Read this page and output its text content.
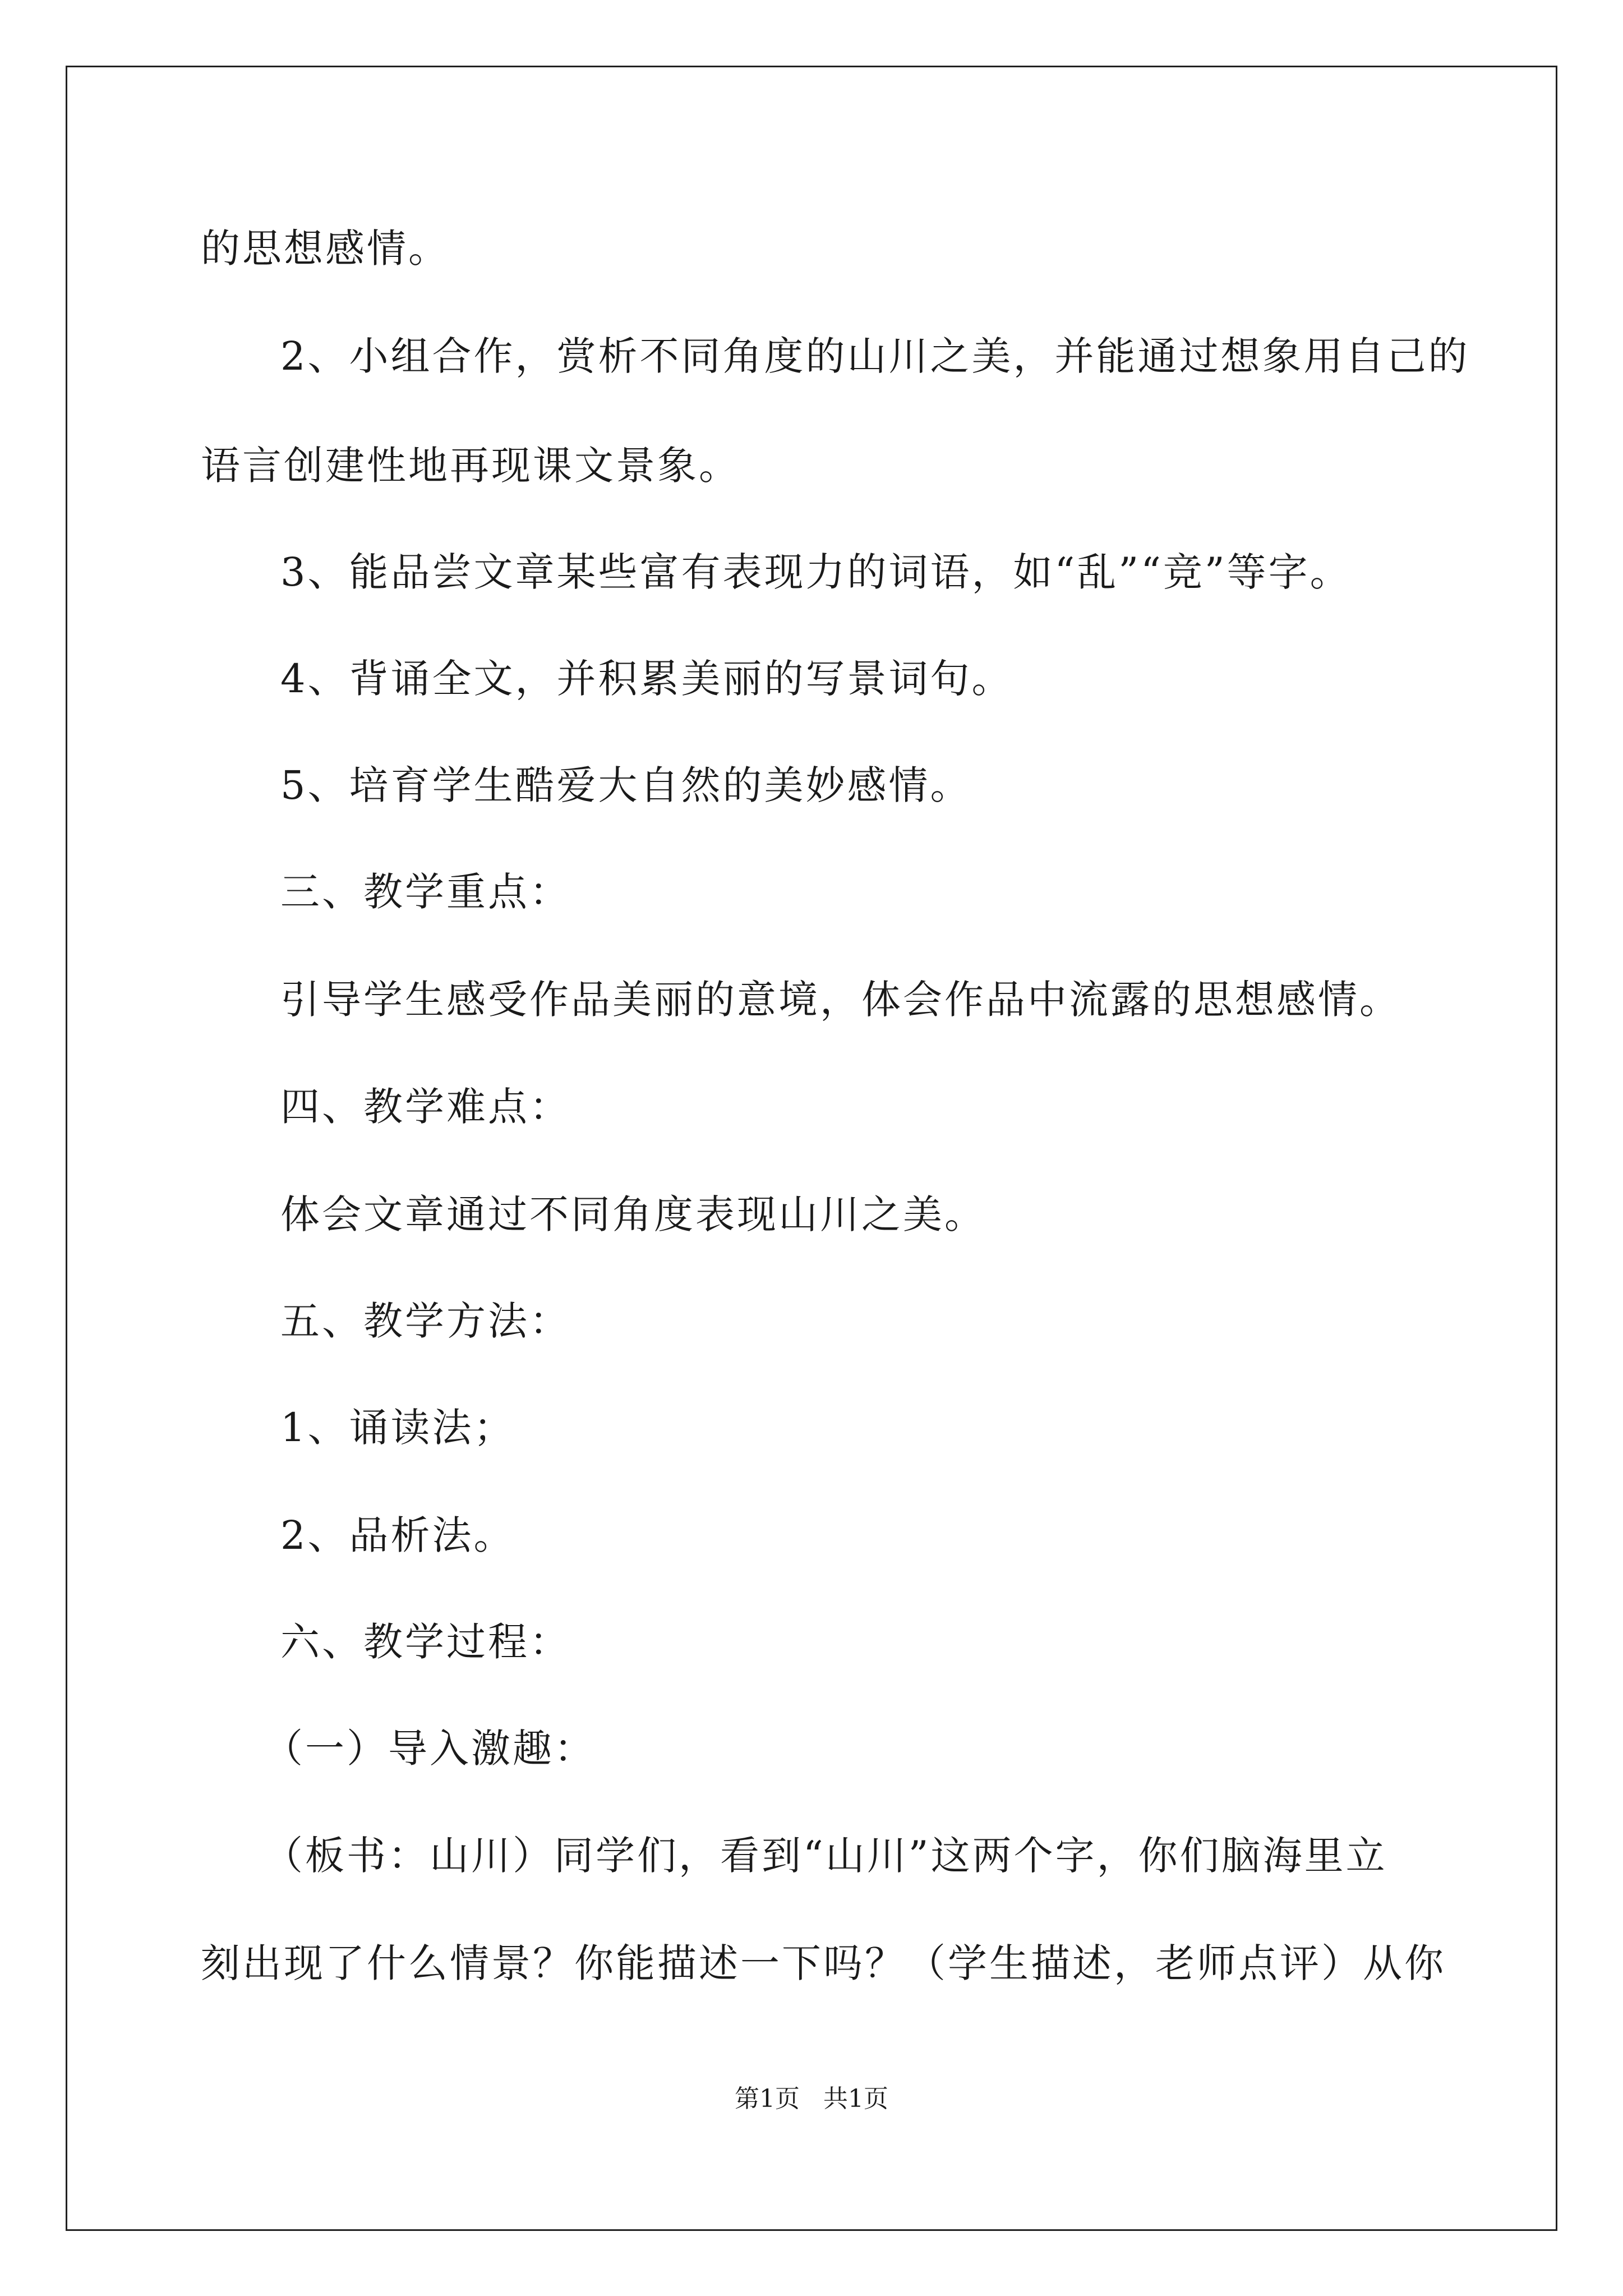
的思想感情。
2、小组合作，赏析不同角度的山川之美，并能通过想象用自己的
语言创建性地再现课文景象。
3、能品尝文章某些富有表现力的词语，如“乱”“竞”等字。
4、背诵全文，并积累美丽的写景词句。
5、培育学生酷爱大自然的美妙感情。
三、教学重点：
引导学生感受作品美丽的意境，体会作品中流露的思想感情。
四、教学难点：
体会文章通过不同角度表现山川之美。
五、教学方法：
1、诵读法；
2、品析法。
六、教学过程：
（一）导入激趣：
（板书：山川）同学们，看到“山川”这两个字，你们脑海里立
刻出现了什么情景？你能描述一下吗？（学生描述，老师点评）从你
第1页   共1页
